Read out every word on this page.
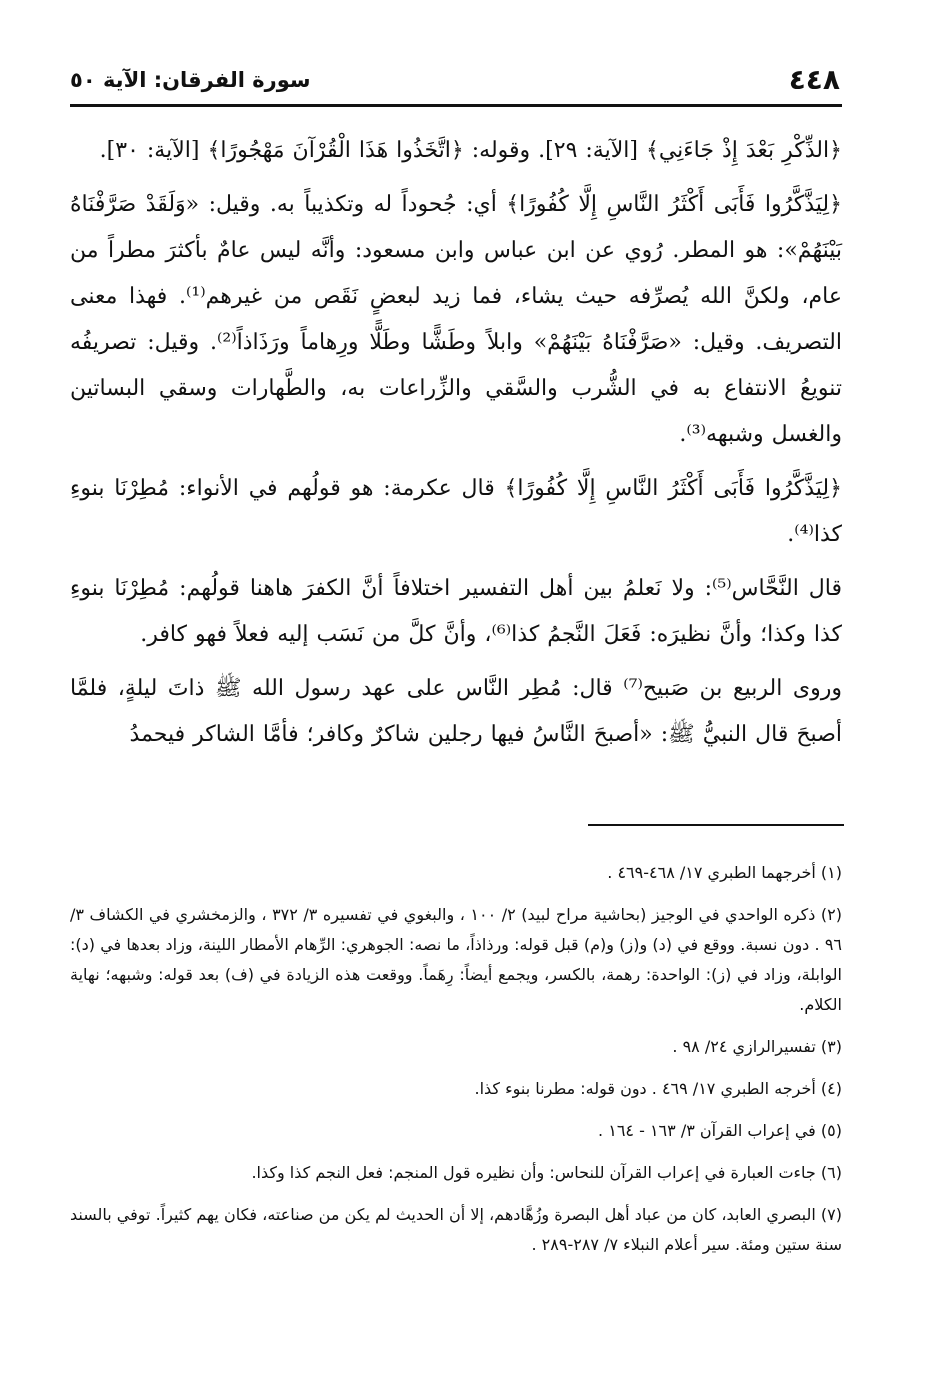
٤٤٨
سورة الفرقان: الآية ٥٠

﴿الذِّكْرِ بَعْدَ إِذْ جَاءَنِي﴾ [الآية: ٢٩]. وقوله: ﴿اتَّخَذُوا هَذَا الْقُرْآنَ مَهْجُورًا﴾ [الآية: ٣٠].

﴿لِيَذَّكَّرُوا فَأَبَى أَكْثَرُ النَّاسِ إِلَّا كُفُورًا﴾ أي: جُحوداً له وتكذيباً به. وقيل: «وَلَقَدْ صَرَّفْنَاهُ بَيْنَهُمْ»: هو المطر. رُوي عن ابن عباس وابن مسعود: وأنَّه ليس عامٌ بأكثرَ مطراً من عام، ولكنَّ الله يُصرِّفه حيث يشاء، فما زيد لبعضٍ نَقَص من غيرهم⁽¹⁾. فهذا معنى التصريف. وقيل: «صَرَّفْنَاهُ بَيْنَهُمْ» وابلاً وطَشًّا وطَلًّا ورِهاماً ورَذَاذاً⁽²⁾. وقيل: تصريفُه تنويعُ الانتفاع به في الشُّرب والسَّقي والزِّراعات به، والطَّهارات وسقي البساتين والغسل وشبهه⁽³⁾.

﴿لِيَذَّكَّرُوا فَأَبَى أَكْثَرُ النَّاسِ إِلَّا كُفُورًا﴾ قال عكرمة: هو قولُهم في الأنواء: مُطِرْنَا بنوءِ كذا⁽⁴⁾.

قال النَّحَّاس⁽⁵⁾: ولا نَعلمُ بين أهل التفسير اختلافاً أنَّ الكفرَ هاهنا قولُهم: مُطِرْنَا بنوءِ كذا وكذا؛ وأنَّ نظيرَه: فَعَلَ النَّجمُ كذا⁽⁶⁾، وأنَّ كلَّ من نَسَب إليه فعلاً فهو كافر.

وروى الربيع بن صَبيح⁽⁷⁾ قال: مُطِر النَّاس على عهد رسول الله ﷺ ذاتَ ليلةٍ، فلمَّا أصبحَ قال النبيُّ ﷺ: «أصبحَ النَّاسُ فيها رجلين شاكرٌ وكافر؛ فأمَّا الشاكر فيحمدُ

(١) أخرجهما الطبري ١٧/ ٤٦٨-٤٦٩ .

(٢) ذكره الواحدي في الوجيز (بحاشية مراح لبيد) ٢/ ١٠٠ ، والبغوي في تفسيره ٣/ ٣٧٢ ، والزمخشري في الكشاف ٣/ ٩٦ . دون نسبة. ووقع في (د) و(ز) و(م) قبل قوله: ورذاذاً، ما نصه: الجوهري: الرِّهام الأمطار اللينة، وزاد بعدها في (د): الوابلة، وزاد في (ز): الواحدة: رهمة، بالكسر، ويجمع أيضاً: رِهَماً. ووقعت هذه الزيادة في (ف) بعد قوله: وشبهه؛ نهاية الكلام.

(٣) تفسيرالرازي ٢٤/ ٩٨ .

(٤) أخرجه الطبري ١٧/ ٤٦٩ . دون قوله: مطرنا بنوء كذا.

(٥) في إعراب القرآن ٣/ ١٦٣ - ١٦٤ .

(٦) جاءت العبارة في إعراب القرآن للنحاس: وأن نظيره قول المنجم: فعل النجم كذا وكذا.

(٧) البصري العابد، كان من عباد أهل البصرة وزُهَّادهم، إلا أن الحديث لم يكن من صناعته، فكان يهم كثيراً. توفي بالسند سنة ستين ومئة. سير أعلام النبلاء ٧/ ٢٨٧-٢٨٩ .
